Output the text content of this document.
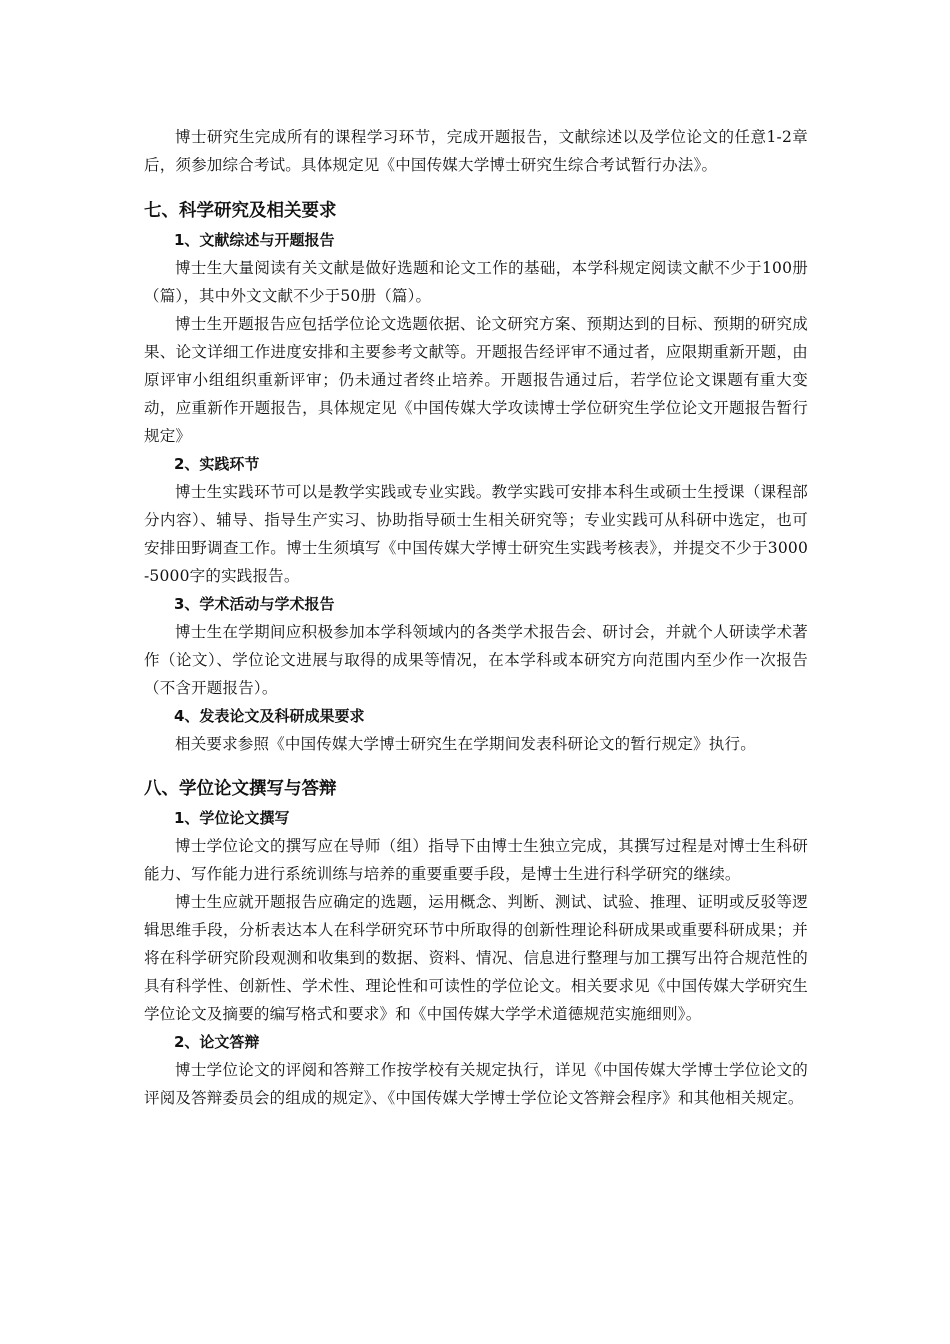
博士研究生完成所有的课程学习环节，完成开题报告，文献综述以及学位论文的任意1-2章后，须参加综合考试。具体规定见《中国传媒大学博士研究生综合考试暂行办法》。

七、科学研究及相关要求
1、文献综述与开题报告

博士生大量阅读有关文献是做好选题和论文工作的基础，本学科规定阅读文献不少于100册（篇），其中外文文献不少于50册（篇）。

博士生开题报告应包括学位论文选题依据、论文研究方案、预期达到的目标、预期的研究成果、论文详细工作进度安排和主要参考文献等。开题报告经评审不通过者，应限期重新开题，由原评审小组组织重新评审；仍未通过者终止培养。开题报告通过后，若学位论文课题有重大变动，应重新作开题报告，具体规定见《中国传媒大学攻读博士学位研究生学位论文开题报告暂行规定》

2、实践环节

博士生实践环节可以是教学实践或专业实践。教学实践可安排本科生或硕士生授课（课程部分内容）、辅导、指导生产实习、协助指导硕士生相关研究等；专业实践可从科研中选定，也可安排田野调查工作。博士生须填写《中国传媒大学博士研究生实践考核表》，并提交不少于3000-5000字的实践报告。

3、学术活动与学术报告

博士生在学期间应积极参加本学科领域内的各类学术报告会、研讨会，并就个人研读学术著作（论文）、学位论文进展与取得的成果等情况，在本学科或本研究方向范围内至少作一次报告（不含开题报告）。

4、发表论文及科研成果要求

相关要求参照《中国传媒大学博士研究生在学期间发表科研论文的暂行规定》执行。

八、学位论文撰写与答辩
1、学位论文撰写

博士学位论文的撰写应在导师（组）指导下由博士生独立完成，其撰写过程是对博士生科研能力、写作能力进行系统训练与培养的重要重要手段，是博士生进行科学研究的继续。

博士生应就开题报告应确定的选题，运用概念、判断、测试、试验、推理、证明或反驳等逻辑思维手段，分析表达本人在科学研究环节中所取得的创新性理论科研成果或重要科研成果；并将在科学研究阶段观测和收集到的数据、资料、情况、信息进行整理与加工撰写出符合规范性的具有科学性、创新性、学术性、理论性和可读性的学位论文。相关要求见《中国传媒大学研究生学位论文及摘要的编写格式和要求》和《中国传媒大学学术道德规范实施细则》。

2、论文答辩

博士学位论文的评阅和答辩工作按学校有关规定执行，详见《中国传媒大学博士学位论文的评阅及答辩委员会的组成的规定》、《中国传媒大学博士学位论文答辩会程序》和其他相关规定。
